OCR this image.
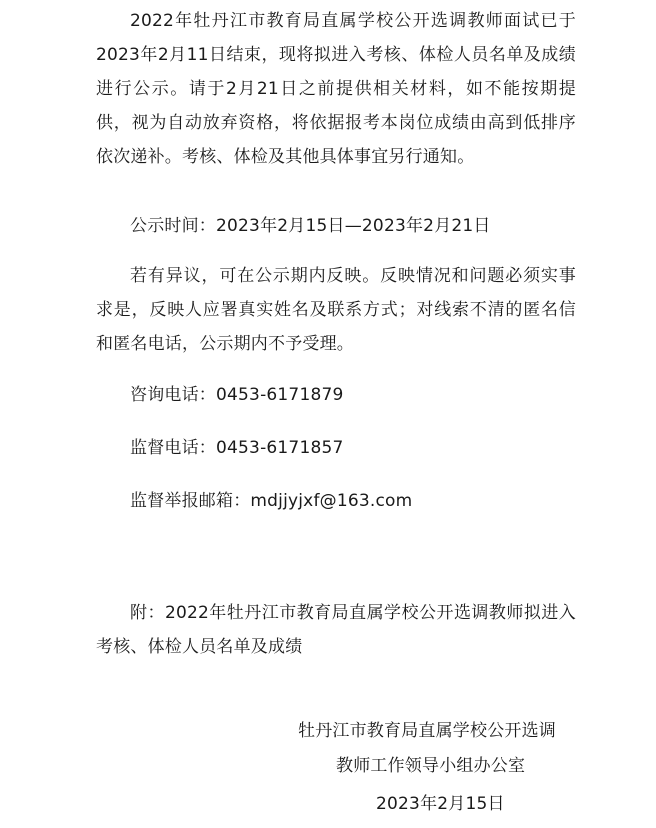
2022年牡丹江市教育局直属学校公开选调教师面试已于2023年2月11日结束，现将拟进入考核、体检人员名单及成绩进行公示。请于2月21日之前提供相关材料，如不能按期提供，视为自动放弃资格，将依据报考本岗位成绩由高到低排序依次递补。考核、体检及其他具体事宜另行通知。

公示时间：2023年2月15日—2023年2月21日

若有异议，可在公示期内反映。反映情况和问题必须实事求是，反映人应署真实姓名及联系方式；对线索不清的匿名信和匿名电话，公示期内不予受理。

咨询电话：0453-6171879

监督电话：0453-6171857

监督举报邮箱：mdjjyjxf@163.com

附：2022年牡丹江市教育局直属学校公开选调教师拟进入考核、体检人员名单及成绩

牡丹江市教育局直属学校公开选调

教师工作领导小组办公室

2023年2月15日
